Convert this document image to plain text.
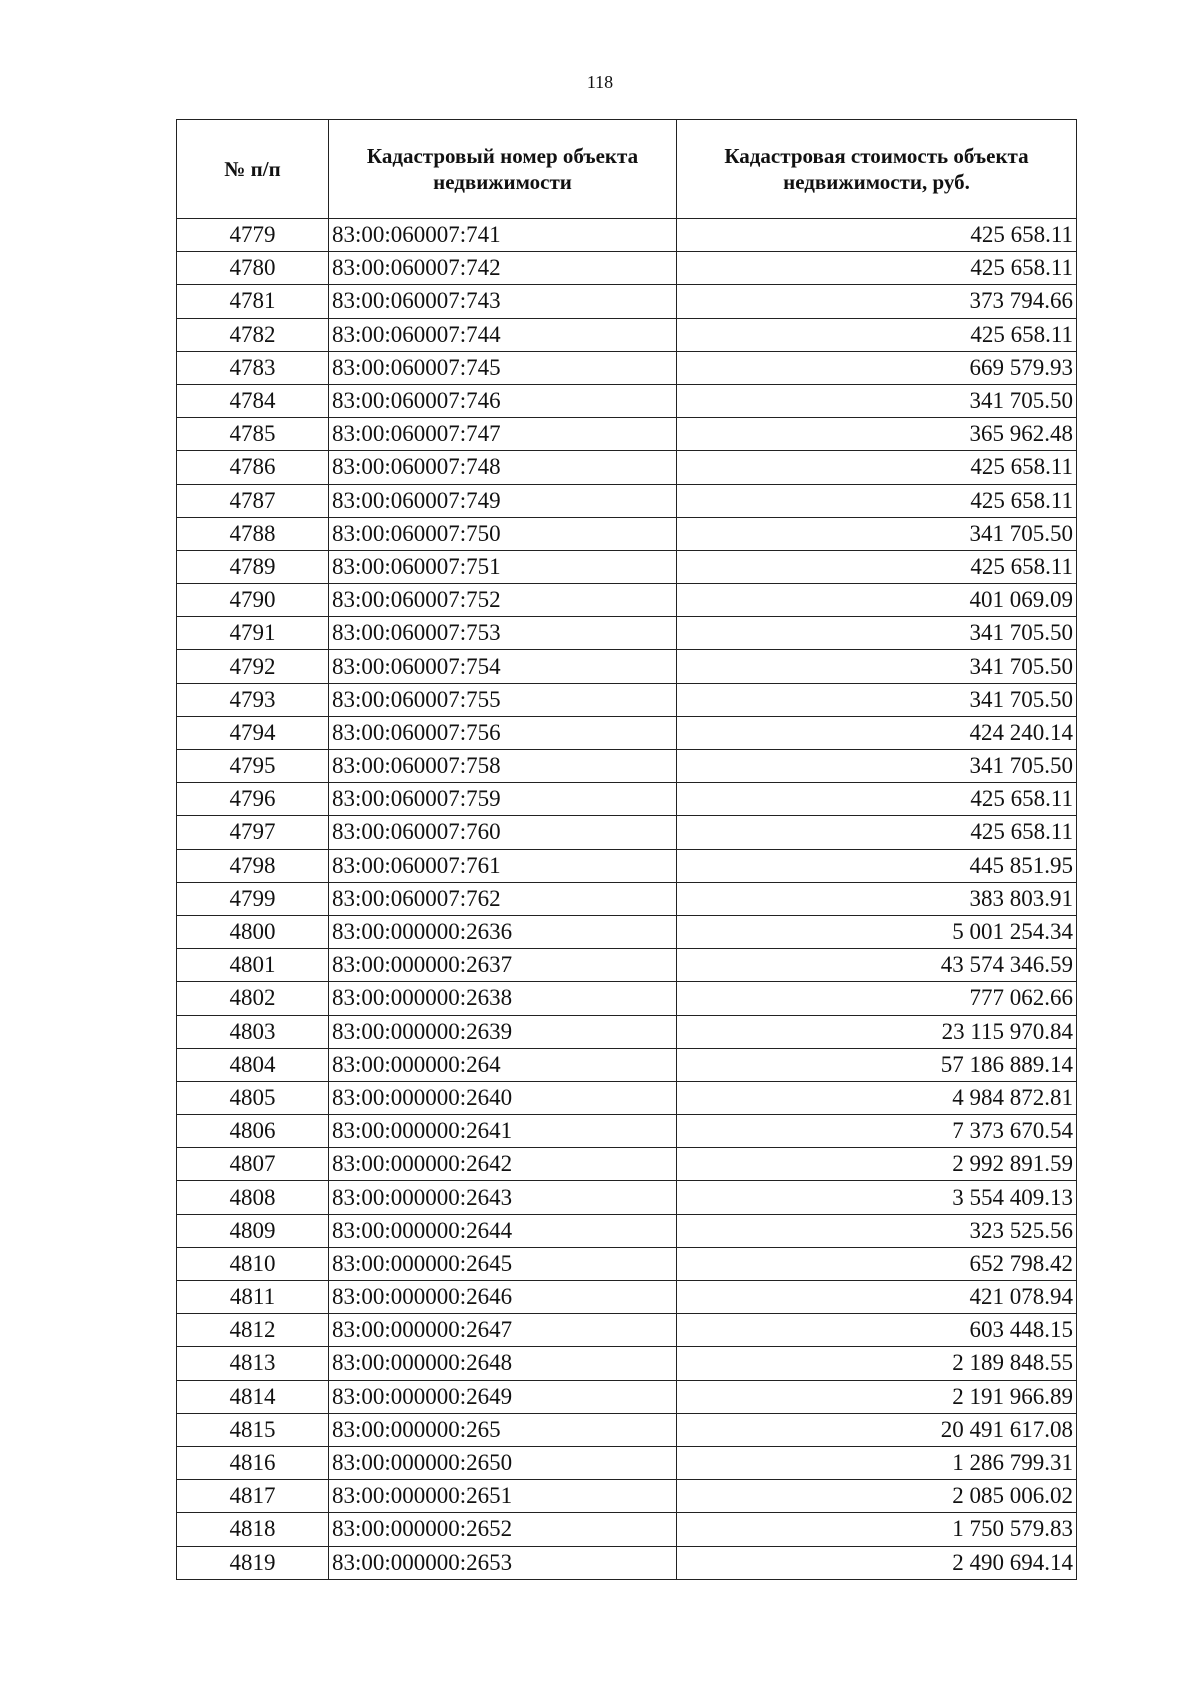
118
№ п/п	Кадастровый номер объекта недвижимости	Кадастровая стоимость объекта недвижимости, руб.
4779	83:00:060007:741	425 658.11
4780	83:00:060007:742	425 658.11
4781	83:00:060007:743	373 794.66
4782	83:00:060007:744	425 658.11
4783	83:00:060007:745	669 579.93
4784	83:00:060007:746	341 705.50
4785	83:00:060007:747	365 962.48
4786	83:00:060007:748	425 658.11
4787	83:00:060007:749	425 658.11
4788	83:00:060007:750	341 705.50
4789	83:00:060007:751	425 658.11
4790	83:00:060007:752	401 069.09
4791	83:00:060007:753	341 705.50
4792	83:00:060007:754	341 705.50
4793	83:00:060007:755	341 705.50
4794	83:00:060007:756	424 240.14
4795	83:00:060007:758	341 705.50
4796	83:00:060007:759	425 658.11
4797	83:00:060007:760	425 658.11
4798	83:00:060007:761	445 851.95
4799	83:00:060007:762	383 803.91
4800	83:00:000000:2636	5 001 254.34
4801	83:00:000000:2637	43 574 346.59
4802	83:00:000000:2638	777 062.66
4803	83:00:000000:2639	23 115 970.84
4804	83:00:000000:264	57 186 889.14
4805	83:00:000000:2640	4 984 872.81
4806	83:00:000000:2641	7 373 670.54
4807	83:00:000000:2642	2 992 891.59
4808	83:00:000000:2643	3 554 409.13
4809	83:00:000000:2644	323 525.56
4810	83:00:000000:2645	652 798.42
4811	83:00:000000:2646	421 078.94
4812	83:00:000000:2647	603 448.15
4813	83:00:000000:2648	2 189 848.55
4814	83:00:000000:2649	2 191 966.89
4815	83:00:000000:265	20 491 617.08
4816	83:00:000000:2650	1 286 799.31
4817	83:00:000000:2651	2 085 006.02
4818	83:00:000000:2652	1 750 579.83
4819	83:00:000000:2653	2 490 694.14
